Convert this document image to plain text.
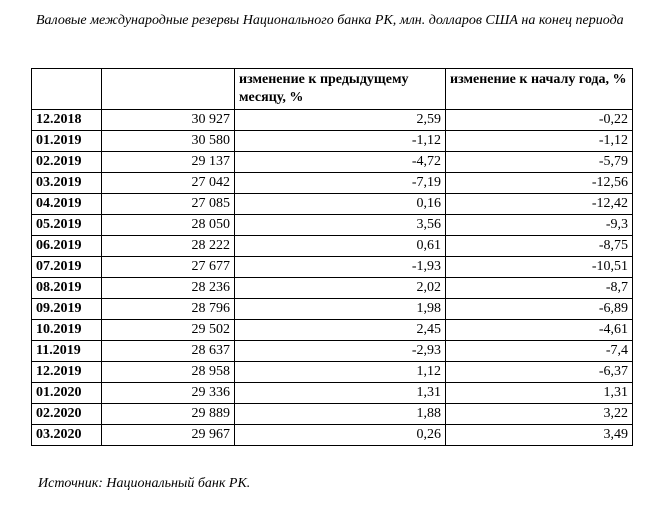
Валовые международные резервы Национального банка РК, млн. долларов США на конец периода
		изменение к предыдущему месяцу, %	изменение к началу года, %
12.2018	30 927	2,59	-0,22
01.2019	30 580	-1,12	-1,12
02.2019	29 137	-4,72	-5,79
03.2019	27 042	-7,19	-12,56
04.2019	27 085	0,16	-12,42
05.2019	28 050	3,56	-9,3
06.2019	28 222	0,61	-8,75
07.2019	27 677	-1,93	-10,51
08.2019	28 236	2,02	-8,7
09.2019	28 796	1,98	-6,89
10.2019	29 502	2,45	-4,61
11.2019	28 637	-2,93	-7,4
12.2019	28 958	1,12	-6,37
01.2020	29 336	1,31	1,31
02.2020	29 889	1,88	3,22
03.2020	29 967	0,26	3,49
Источник: Национальный банк РК.
